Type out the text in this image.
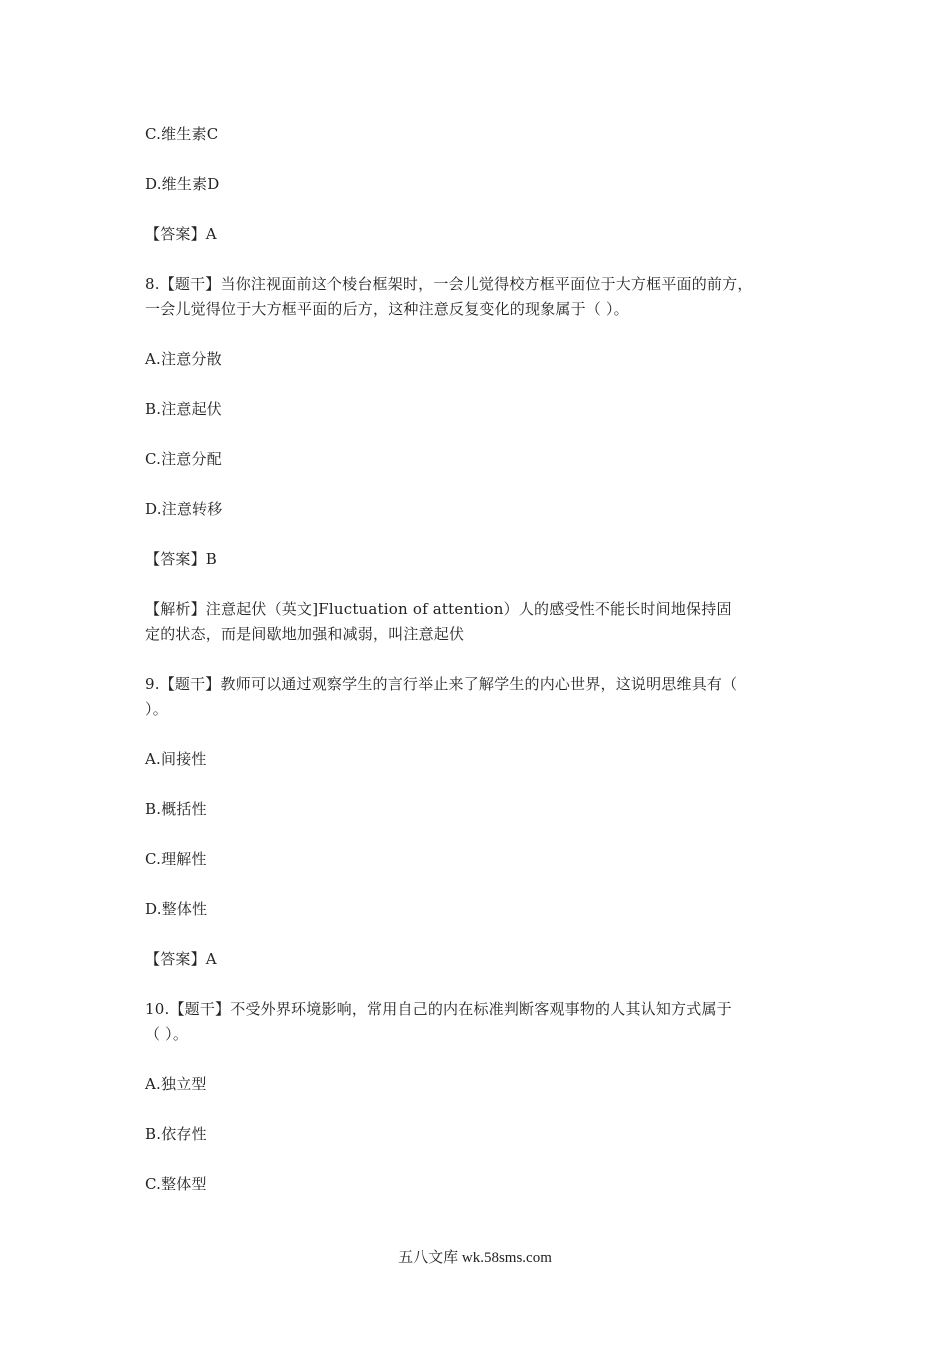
C.维生素C
D.维生素D
【答案】A
8.【题干】当你注视面前这个棱台框架时，一会儿觉得校方框平面位于大方框平面的前方，
一会儿觉得位于大方框平面的后方，这种注意反复变化的现象属于（ ）。
A.注意分散
B.注意起伏
C.注意分配
D.注意转移
【答案】B
【解析】注意起伏（英文]Fluctuation of attention）人的感受性不能长时间地保持固
定的状态，而是间歇地加强和减弱，叫注意起伏
9.【题干】教师可以通过观察学生的言行举止来了解学生的内心世界，这说明思维具有（
）。
A.间接性
B.概括性
C.理解性
D.整体性
【答案】A
10.【题干】不受外界环境影响，常用自己的内在标准判断客观事物的人其认知方式属于
（ ）。
A.独立型
B.依存性
C.整体型
五八文库 wk.58sms.com
